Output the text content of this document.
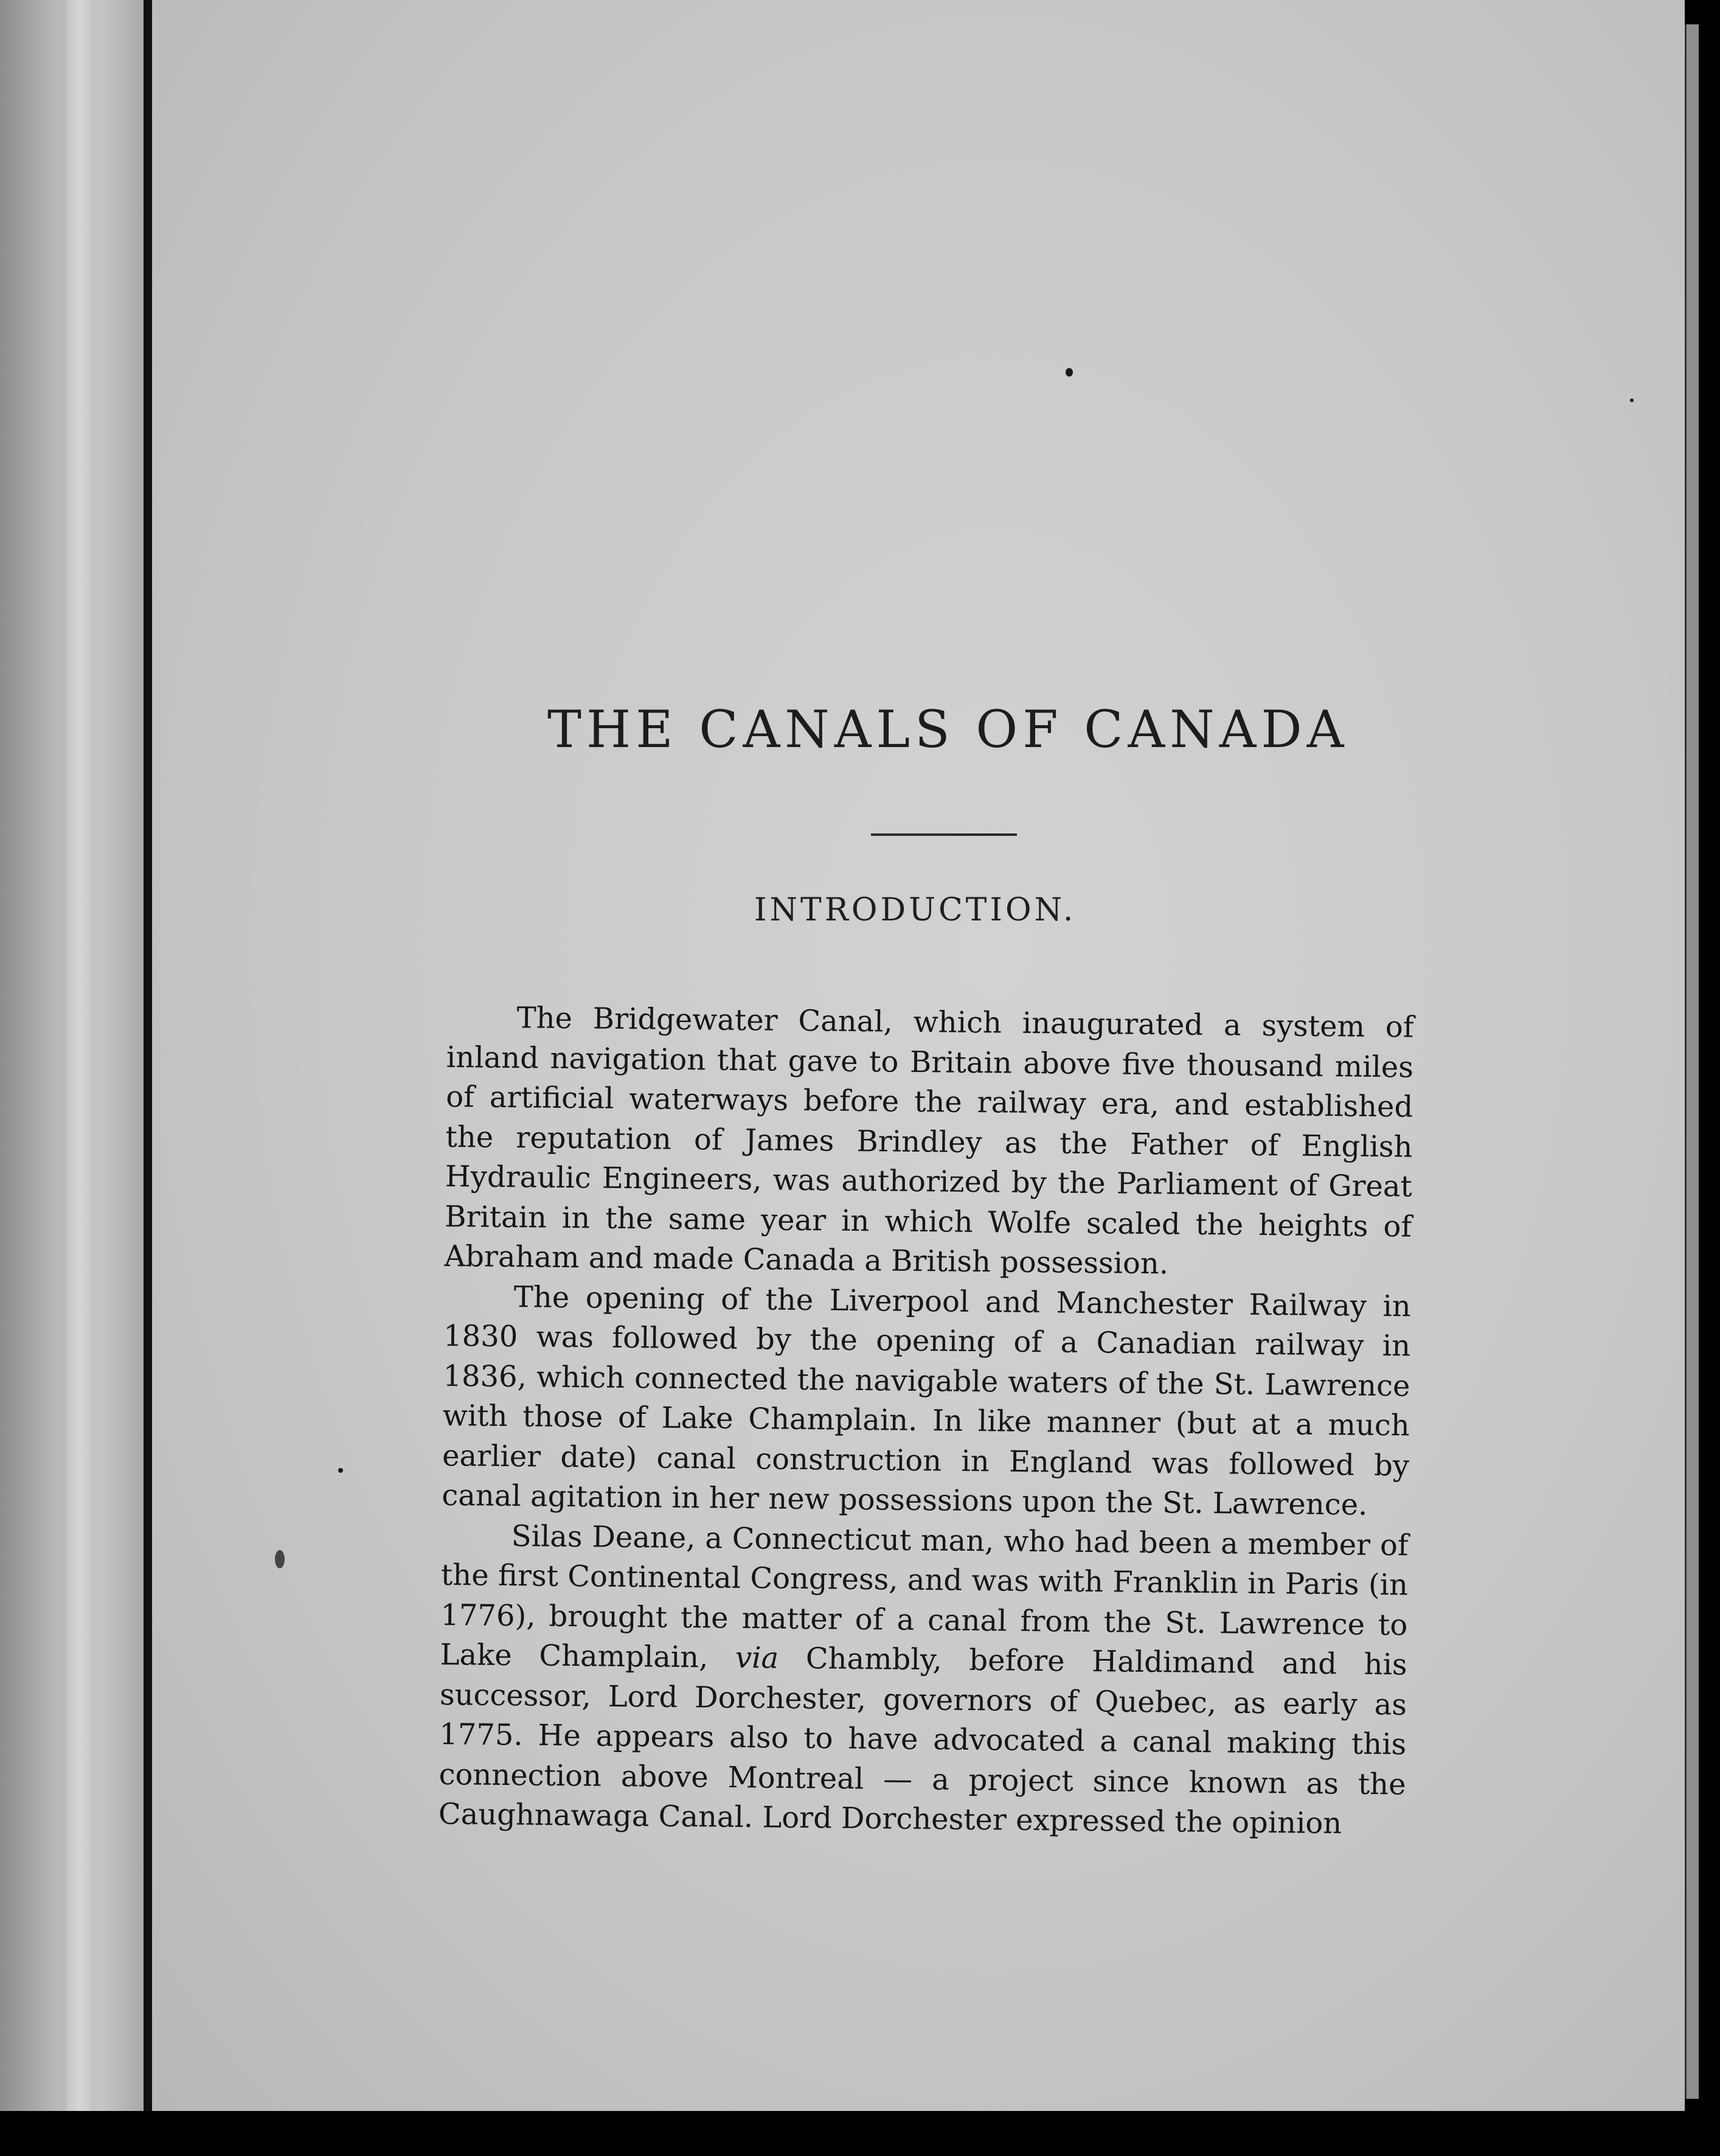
THE CANALS OF CANADA
INTRODUCTION.

The Bridgewater Canal, which inaugurated a system of inland navigation that gave to Britain above five thousand miles of artificial waterways before the railway era, and established the reputation of James Brindley as the Father of English Hydraulic Engineers, was authorized by the Parliament of Great Britain in the same year in which Wolfe scaled the heights of Abraham and made Canada a British possession.

The opening of the Liverpool and Manchester Railway in 1830 was followed by the opening of a Canadian railway in 1836, which connected the navigable waters of the St. Lawrence with those of Lake Champlain. In like manner (but at a much earlier date) canal construction in England was followed by canal agitation in her new possessions upon the St. Lawrence.

Silas Deane, a Connecticut man, who had been a member of the first Continental Congress, and was with Franklin in Paris (in 1776), brought the matter of a canal from the St. Lawrence to Lake Champlain, via Chambly, before Haldimand and his successor, Lord Dorchester, governors of Quebec, as early as 1775. He appears also to have advocated a canal making this connection above Montreal — a project since known as the Caughnawaga Canal. Lord Dorchester expressed the opinion
